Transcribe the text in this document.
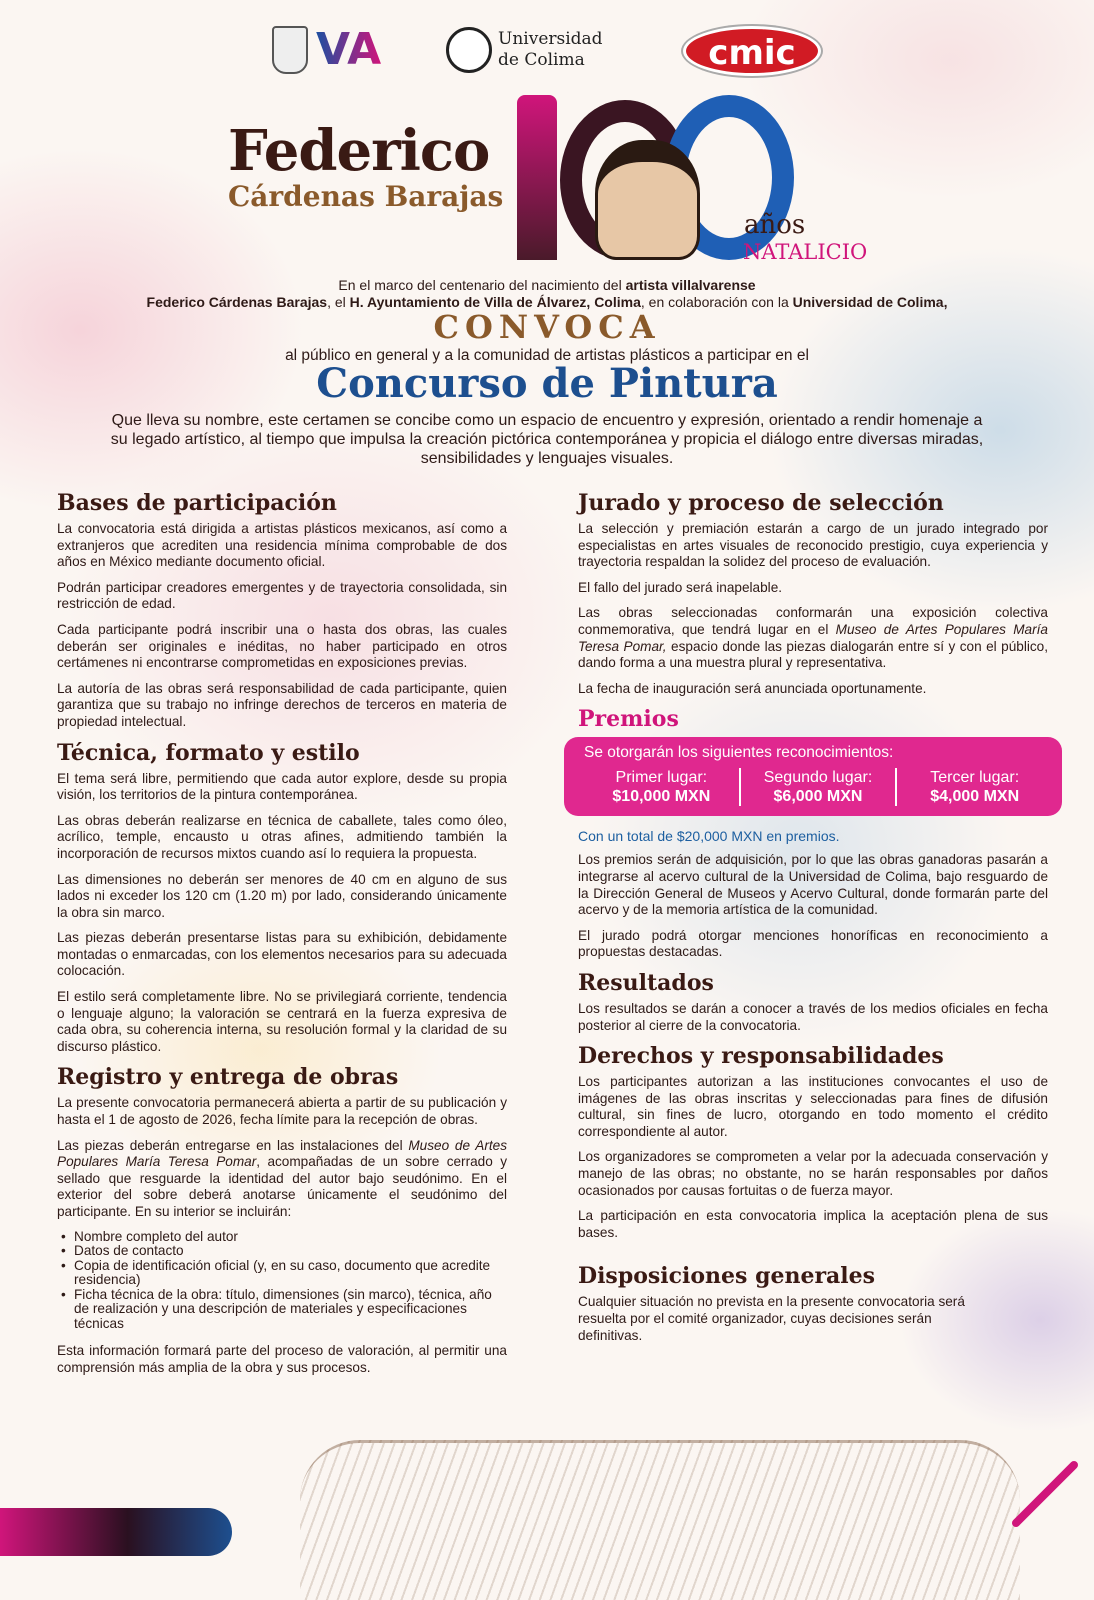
VA	Universidad
de Colima	cmic
Federico
Cárdenas Barajas
años
NATALICIO
En el marco del centenario del nacimiento del artista villalvarense
Federico Cárdenas Barajas, el H. Ayuntamiento de Villa de Álvarez, Colima, en colaboración con la Universidad de Colima,
CONVOCA
al público en general y a la comunidad de artistas plásticos a participar en el
Concurso de Pintura
Que lleva su nombre, este certamen se concibe como un espacio de encuentro y expresión, orientado a rendir homenaje a su legado artístico, al tiempo que impulsa la creación pictórica contemporánea y propicia el diálogo entre diversas miradas, sensibilidades y lenguajes visuales.
Bases de participación

La convocatoria está dirigida a artistas plásticos mexicanos, así como a extranjeros que acrediten una residencia mínima comprobable de dos años en México mediante documento oficial.

Podrán participar creadores emergentes y de trayectoria consolidada, sin restricción de edad.

Cada participante podrá inscribir una o hasta dos obras, las cuales deberán ser originales e inéditas, no haber participado en otros certámenes ni encontrarse comprometidas en exposiciones previas.

La autoría de las obras será responsabilidad de cada participante, quien garantiza que su trabajo no infringe derechos de terceros en materia de propiedad intelectual.

Técnica, formato y estilo

El tema será libre, permitiendo que cada autor explore, desde su propia visión, los territorios de la pintura contemporánea.

Las obras deberán realizarse en técnica de caballete, tales como óleo, acrílico, temple, encausto u otras afines, admitiendo también la incorporación de recursos mixtos cuando así lo requiera la propuesta.

Las dimensiones no deberán ser menores de 40 cm en alguno de sus lados ni exceder los 120 cm (1.20 m) por lado, considerando únicamente la obra sin marco.

Las piezas deberán presentarse listas para su exhibición, debidamente montadas o enmarcadas, con los elementos necesarios para su adecuada colocación.

El estilo será completamente libre. No se privilegiará corriente, tendencia o lenguaje alguno; la valoración se centrará en la fuerza expresiva de cada obra, su coherencia interna, su resolución formal y la claridad de su discurso plástico.

Registro y entrega de obras

La presente convocatoria permanecerá abierta a partir de su publicación y hasta el 1 de agosto de 2026, fecha límite para la recepción de obras.

Las piezas deberán entregarse en las instalaciones del Museo de Artes Populares María Teresa Pomar, acompañadas de un sobre cerrado y sellado que resguarde la identidad del autor bajo seudónimo. En el exterior del sobre deberá anotarse únicamente el seudónimo del participante. En su interior se incluirán:

• Nombre completo del autor
• Datos de contacto
• Copia de identificación oficial (y, en su caso, documento que acredite residencia)
• Ficha técnica de la obra: título, dimensiones (sin marco), técnica, año de realización y una descripción de materiales y especificaciones técnicas

Esta información formará parte del proceso de valoración, al permitir una comprensión más amplia de la obra y sus procesos.

Jurado y proceso de selección

La selección y premiación estarán a cargo de un jurado integrado por especialistas en artes visuales de reconocido prestigio, cuya experiencia y trayectoria respaldan la solidez del proceso de evaluación.

El fallo del jurado será inapelable.

Las obras seleccionadas conformarán una exposición colectiva conmemorativa, que tendrá lugar en el Museo de Artes Populares María Teresa Pomar, espacio donde las piezas dialogarán entre sí y con el público, dando forma a una muestra plural y representativa.

La fecha de inauguración será anunciada oportunamente.

Premios
Se otorgarán los siguientes reconocimientos:
Primer lugar:
$10,000 MXN
Segundo lugar:
$6,000 MXN
Tercer lugar:
$4,000 MXN
Con un total de $20,000 MXN en premios.

Los premios serán de adquisición, por lo que las obras ganadoras pasarán a integrarse al acervo cultural de la Universidad de Colima, bajo resguardo de la Dirección General de Museos y Acervo Cultural, donde formarán parte del acervo y de la memoria artística de la comunidad.

El jurado podrá otorgar menciones honoríficas en reconocimiento a propuestas destacadas.

Resultados

Los resultados se darán a conocer a través de los medios oficiales en fecha posterior al cierre de la convocatoria.

Derechos y responsabilidades

Los participantes autorizan a las instituciones convocantes el uso de imágenes de las obras inscritas y seleccionadas para fines de difusión cultural, sin fines de lucro, otorgando en todo momento el crédito correspondiente al autor.

Los organizadores se comprometen a velar por la adecuada conservación y manejo de las obras; no obstante, no se harán responsables por daños ocasionados por causas fortuitas o de fuerza mayor.

La participación en esta convocatoria implica la aceptación plena de sus bases.

Disposiciones generales

Cualquier situación no prevista en la presente convocatoria será resuelta por el comité organizador, cuyas decisiones serán definitivas.
